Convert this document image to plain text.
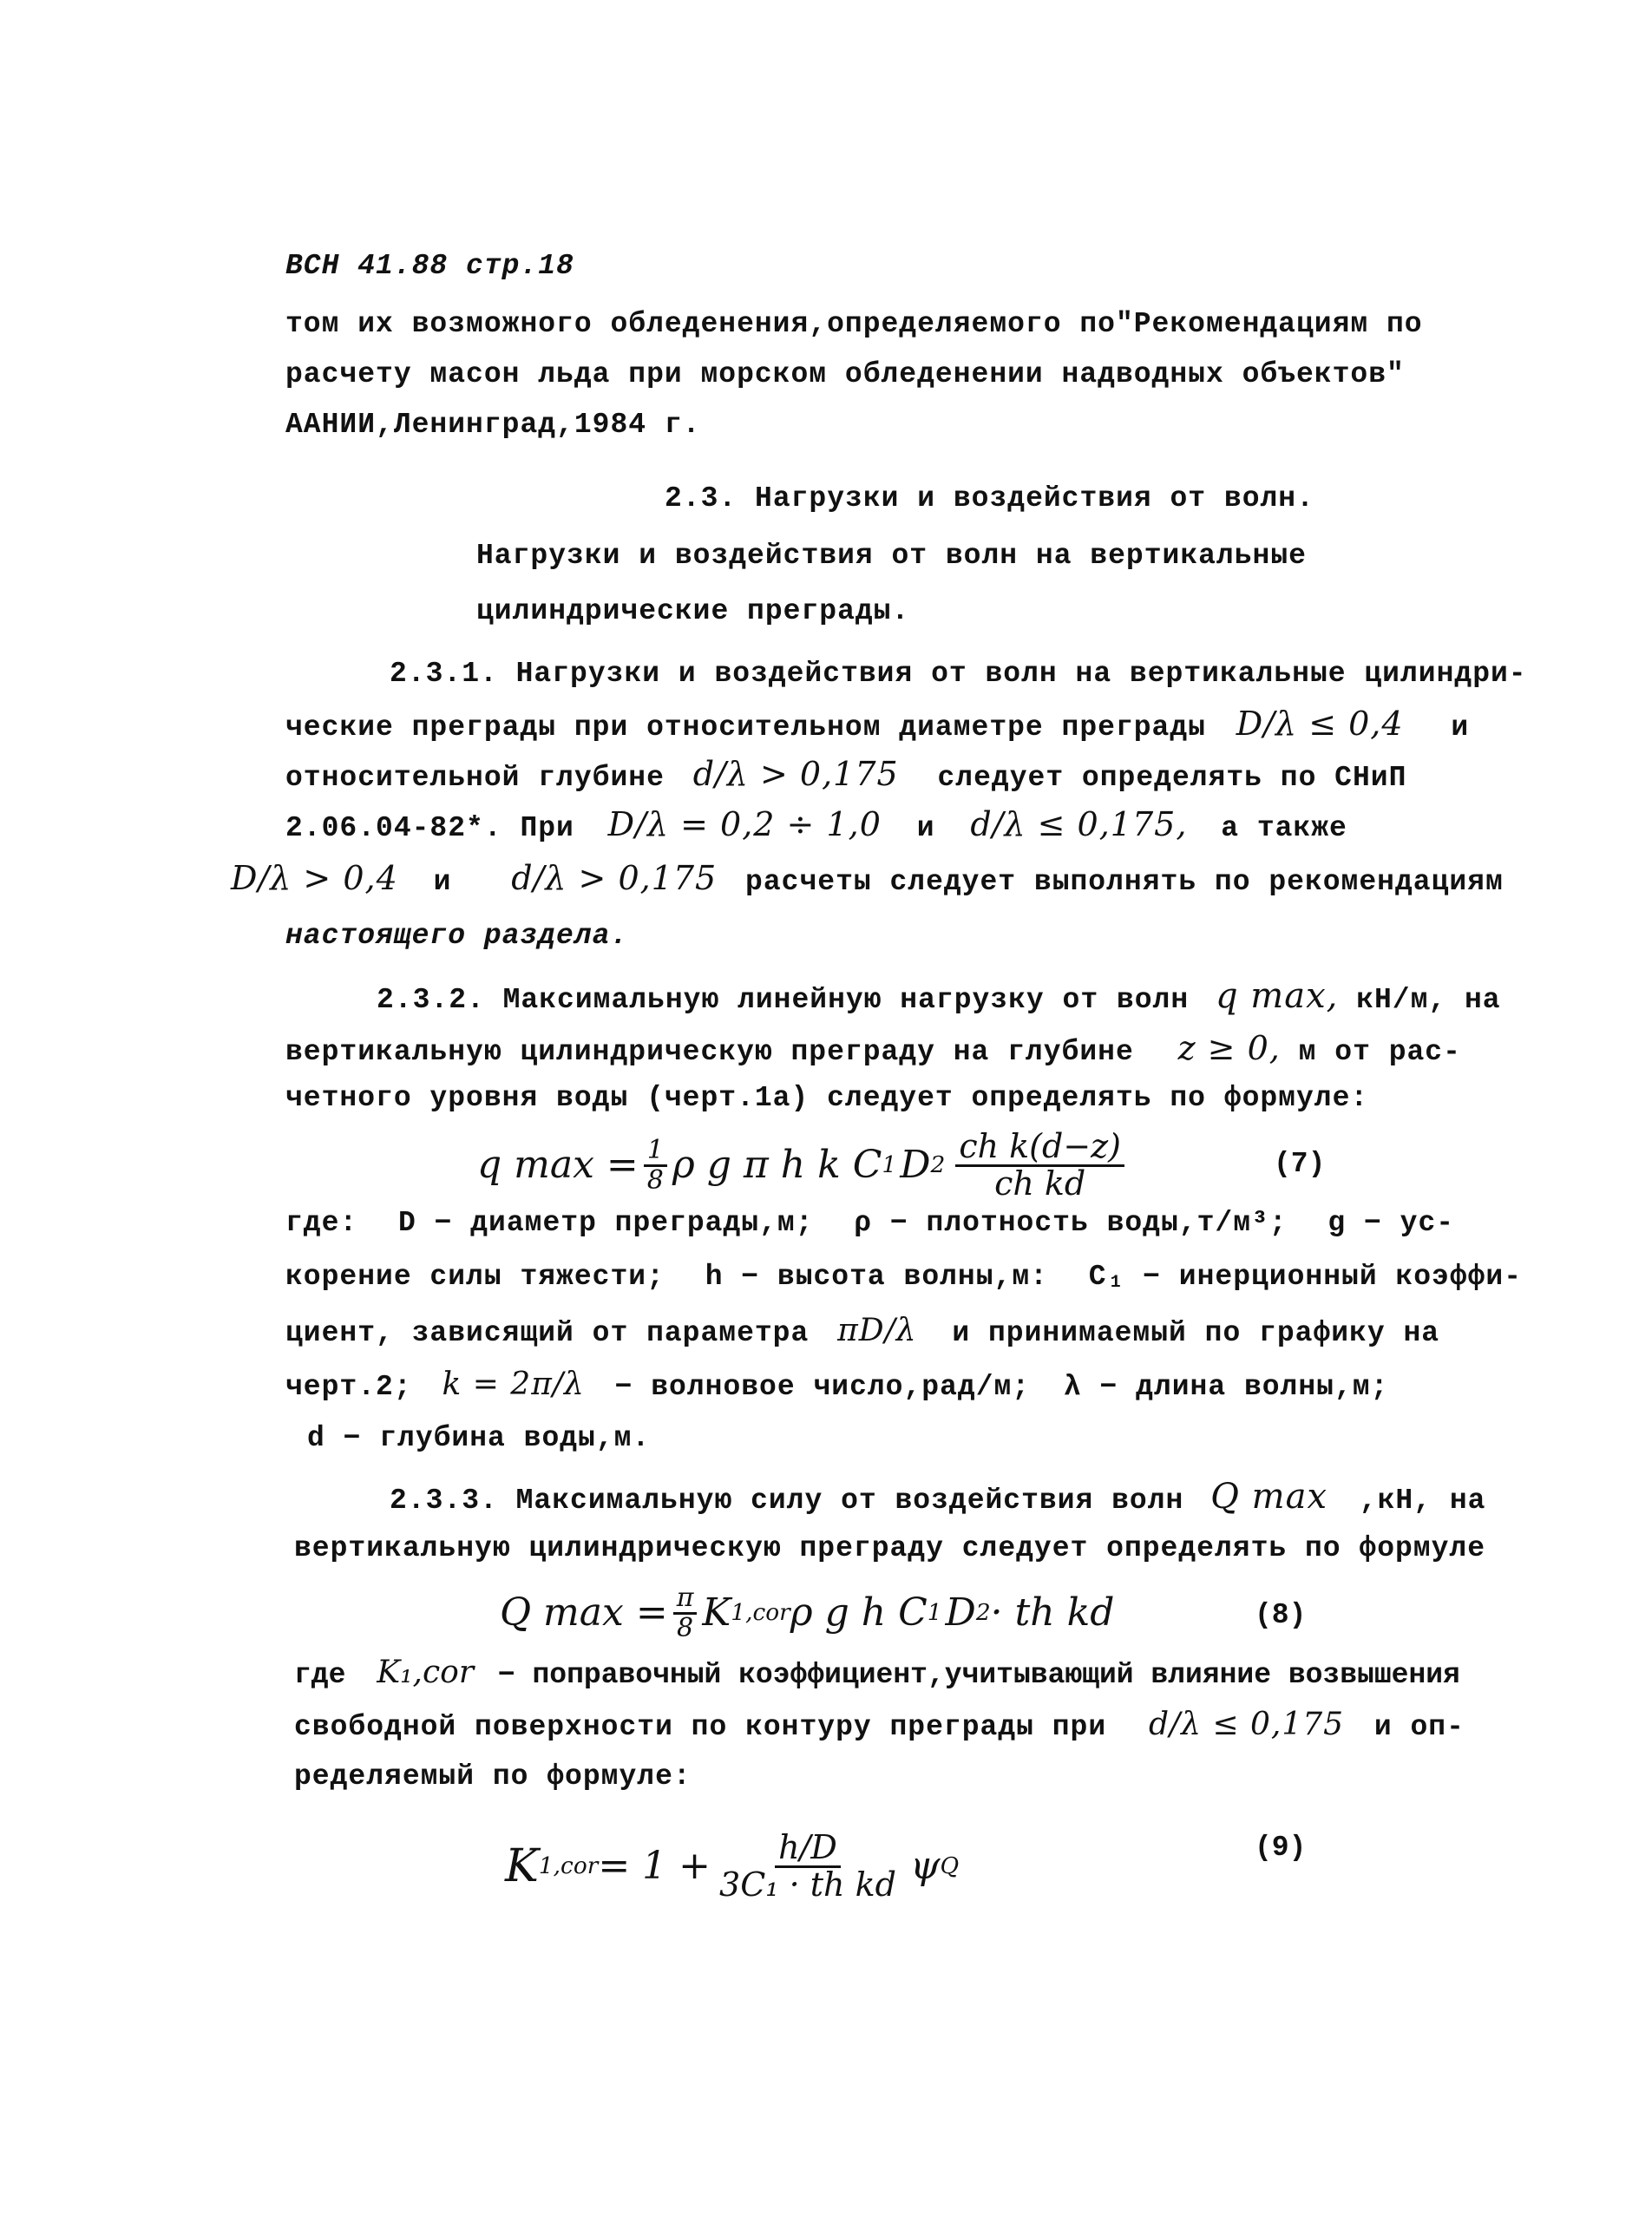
ВСН 41.88 стр.18
том их возможного обледенения,определяемого по"Рекомендациям по
расчету масон льда при морском обледенении надводных объектов"
ААНИИ,Ленинград,1984 г.
2.3. Нагрузки и воздействия от волн.
Нагрузки и воздействия от волн на вертикальные
цилиндрические преграды.
2.3.1. Нагрузки и воздействия от волн на вертикальные цилиндри-
ческие преграды при относительном диаметре преграды D/λ ≤ 0,4 и
относительной глубине d/λ > 0,175 следует определять по СНиП
2.06.04-82*. При D/λ = 0,2 ÷ 1,0 и d/λ ≤ 0,175, а также
D/λ > 0,4 и d/λ > 0,175 расчеты следует выполнять по рекомендациям
настоящего раздела.
2.3.2. Максимальную линейную нагрузку от волн q max, кН/м, на
вертикальную цилиндрическую преграду на глубине z ≥ 0, м от рас-
четного уровня воды (черт.1а) следует определять по формуле:
q $\max = \frac{1}{8}$ ρ g π h k C 1 D $2 \frac{\text{ch k(d−z)}}{\text{ch kd}}$	(7)
где: D − диаметр преграды,м; ρ − плотность воды,т/м³; g − ус-
корение силы тяжести; h − высота волны,м: C₁ − инерционный коэффи-
циент, зависящий от параметра πD/λ и принимаемый по графику на
черт.2; k = 2π/λ − волновое число,рад/м; λ − длина волны,м;
d − глубина воды,м.
2.3.3. Максимальную силу от воздействия волн Q max ,кН, на
вертикальную цилиндрическую преграду следует определять по формуле
Q $\max = \frac{\pi}{8}$ K 1,cor ρ g h C 1 D 2 · th kd	(8)
где K₁,cor − поправочный коэффициент,учитывающий влияние возвышения
свободной поверхности по контуру преграды при d/λ ≤ 0,175 и оп-
ределяемый по формуле:
K $1,cor = 1 + \frac{h/D}{\text{3C₁ · th kd}}$ ψ Q
(9)
